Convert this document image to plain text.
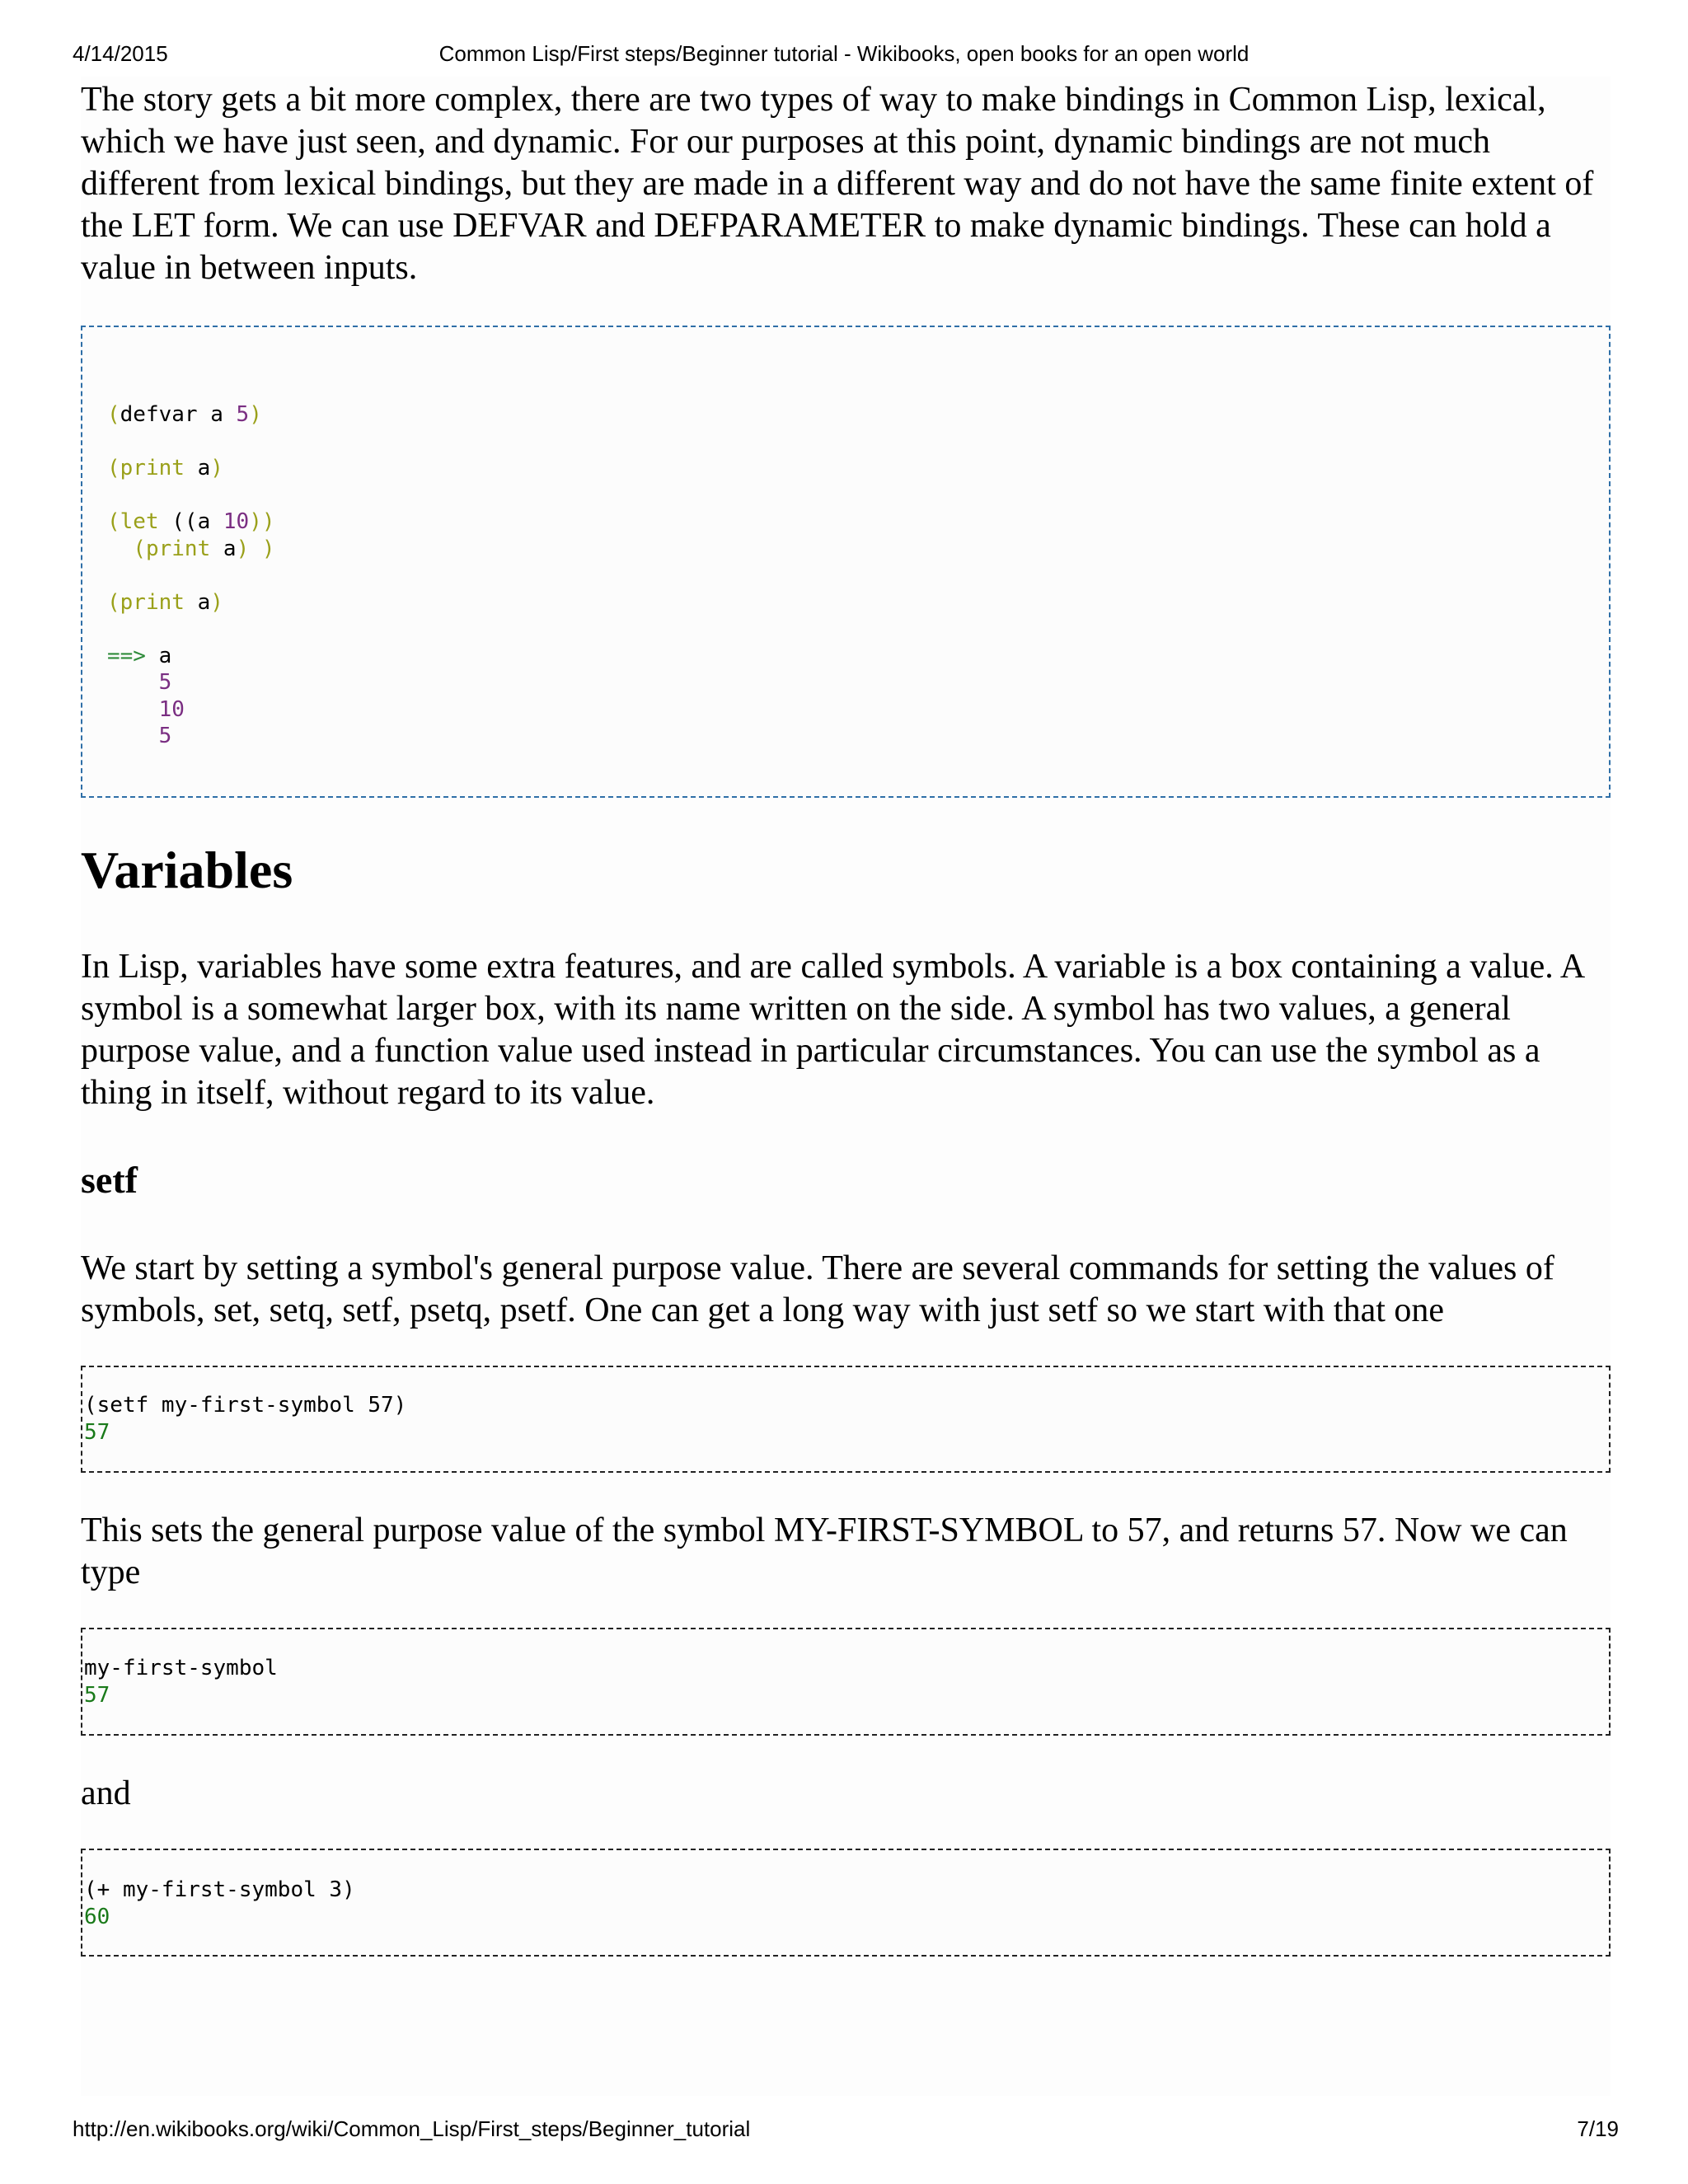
4/14/2015	Common Lisp/First steps/Beginner tutorial - Wikibooks, open books for an open world

The story gets a bit more complex, there are two types of way to make bindings in Common Lisp, lexical, which we have just seen, and dynamic. For our purposes at this point, dynamic bindings are not much different from lexical bindings, but they are made in a different way and do not have the same finite extent of the LET form. We can use DEFVAR and DEFPARAMETER to make dynamic bindings. These can hold a value in between inputs.

(defvar a 5)

(print a)

(let ((a 10))
(print a) )

(print a)

==> a
5
10
5
Variables

In Lisp, variables have some extra features, and are called symbols. A variable is a box containing a value. A symbol is a somewhat larger box, with its name written on the side. A symbol has two values, a general purpose value, and a function value used instead in particular circumstances. You can use the symbol as a thing in itself, without regard to its value.

setf

We start by setting a symbol's general purpose value. There are several commands for setting the values of symbols, set, setq, setf, psetq, psetf. One can get a long way with just setf so we start with that one

(setf my-first-symbol 57)
57

This sets the general purpose value of the symbol MY-FIRST-SYMBOL to 57, and returns 57. Now we can type

my-first-symbol
57

and

(+ my-first-symbol 3)
60
http://en.wikibooks.org/wiki/Common_Lisp/First_steps/Beginner_tutorial	7/19
